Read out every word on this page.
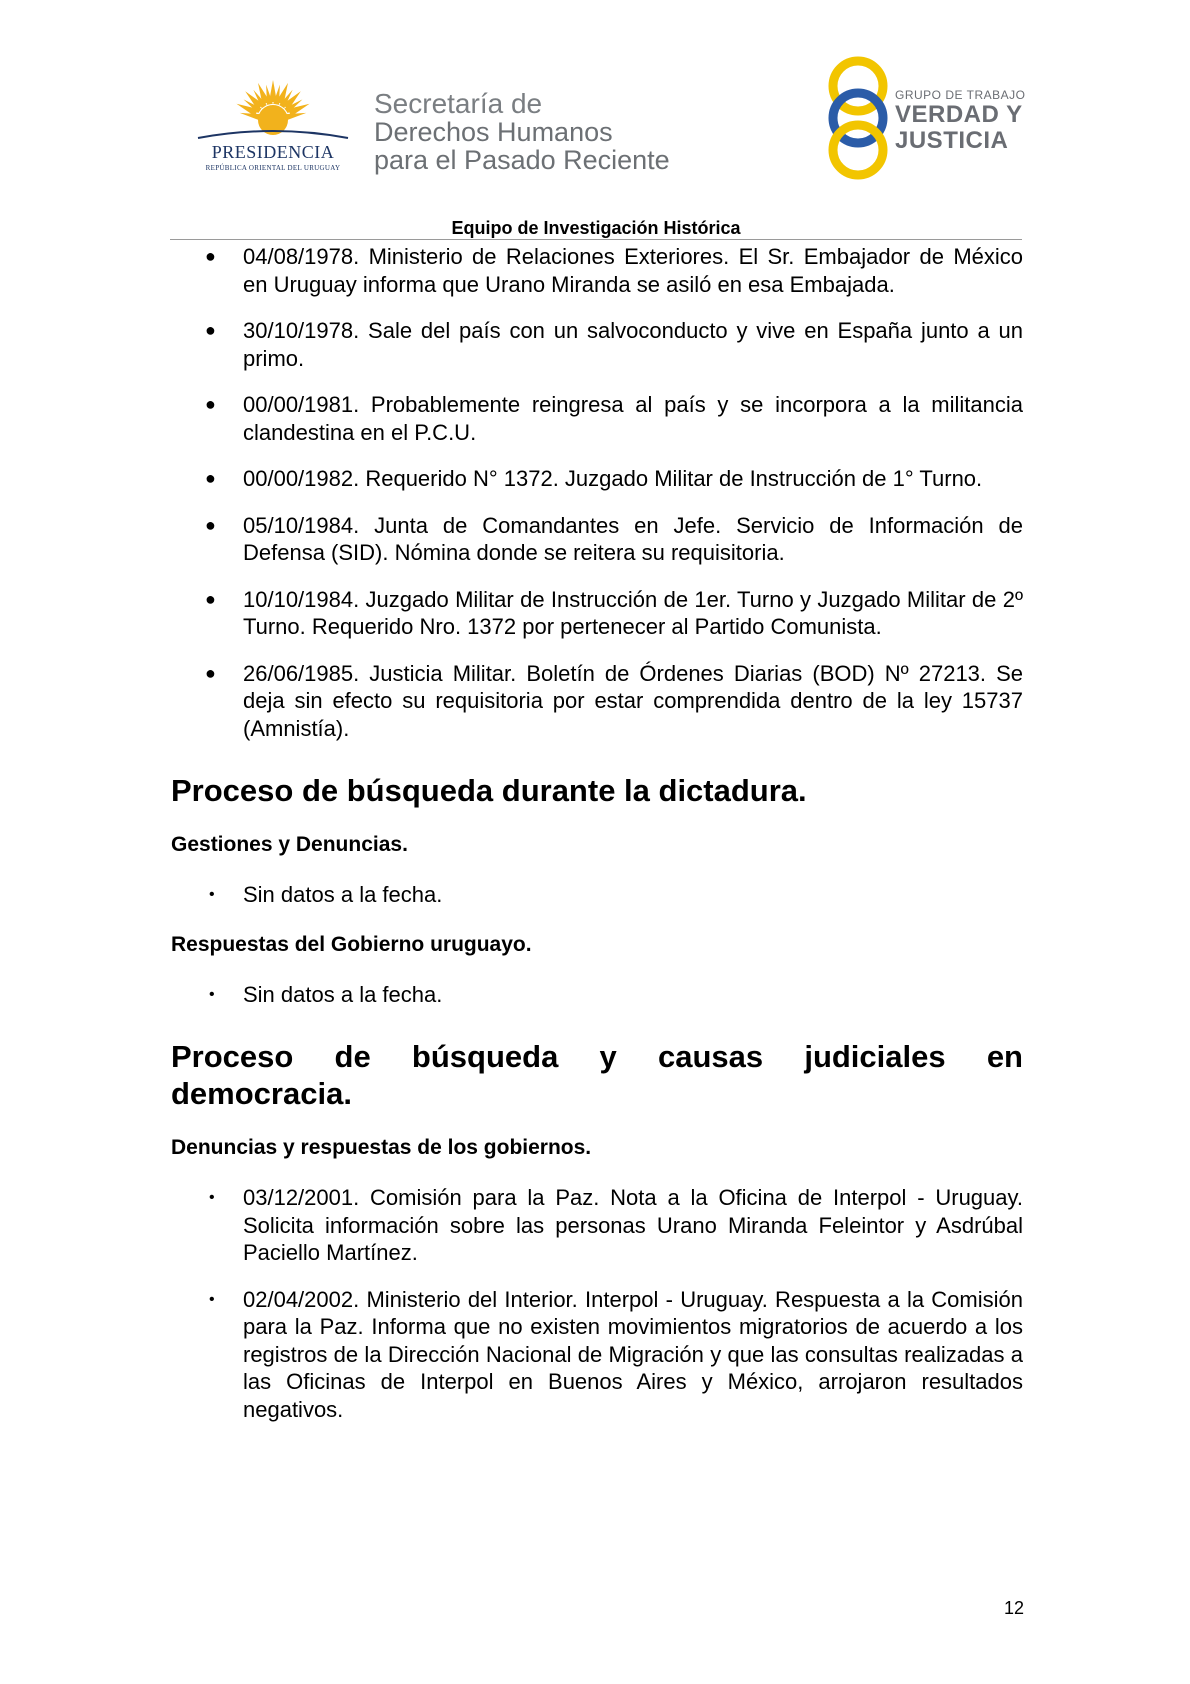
PRESIDENCIA
REPÚBLICA ORIENTAL DEL URUGUAY
Secretaría de
Derechos Humanos
para el Pasado Reciente
GRUPO DE TRABAJO
VERDAD Y
JUSTICIA
Equipo de Investigación Histórica
● 04/08/1978. Ministerio de Relaciones Exteriores. El Sr. Embajador de México en Uruguay informa que Urano Miranda se asiló en esa Embajada.
● 30/10/1978. Sale del país con un salvoconducto y vive en España junto a un primo.
● 00/00/1981. Probablemente reingresa al país y se incorpora a la militancia clandestina en el P.C.U.
● 00/00/1982. Requerido N° 1372. Juzgado Militar de Instrucción de 1° Turno.
● 05/10/1984. Junta de Comandantes en Jefe. Servicio de Información de Defensa (SID). Nómina donde se reitera su requisitoria.
● 10/10/1984. Juzgado Militar de Instrucción de 1er. Turno y Juzgado Militar de 2º Turno. Requerido Nro. 1372 por pertenecer al Partido Comunista.
● 26/06/1985. Justicia Militar. Boletín de Órdenes Diarias (BOD) Nº 27213. Se deja sin efecto su requisitoria por estar comprendida dentro de la ley 15737 (Amnistía).
Proceso de búsqueda durante la dictadura.
Gestiones y Denuncias.
• Sin datos a la fecha.
Respuestas del Gobierno uruguayo.
• Sin datos a la fecha.
Proceso de búsqueda y causas judiciales en
democracia.
Denuncias y respuestas de los gobiernos.
• 03/12/2001. Comisión para la Paz. Nota a la Oficina de Interpol - Uruguay. Solicita información sobre las personas Urano Miranda Feleintor y Asdrúbal Paciello Martínez.
• 02/04/2002. Ministerio del Interior. Interpol - Uruguay. Respuesta a la Comisión para la Paz. Informa que no existen movimientos migratorios de acuerdo a los registros de la Dirección Nacional de Migración y que las consultas realizadas a las Oficinas de Interpol en Buenos Aires y México, arrojaron resultados negativos.
12
